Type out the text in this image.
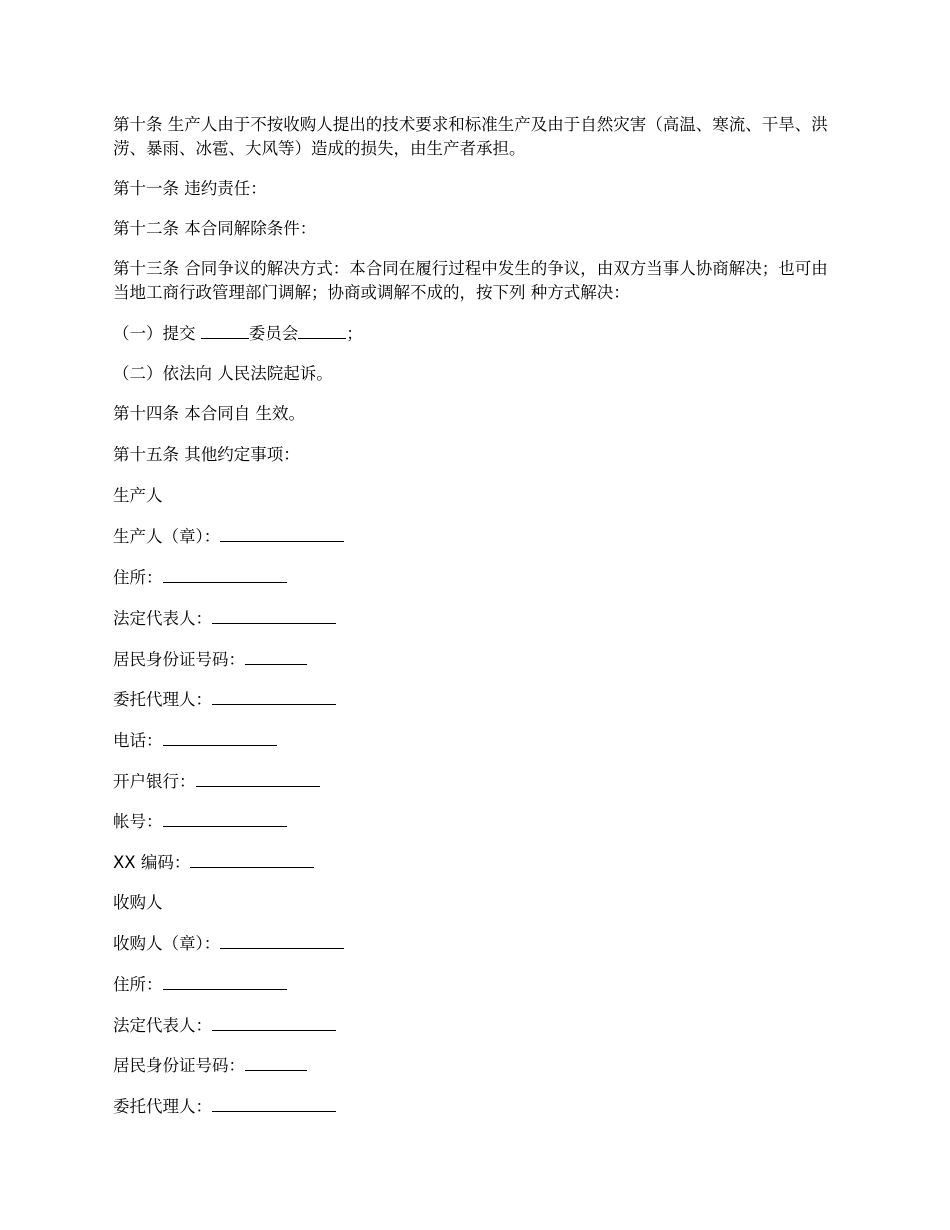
第十条 生产人由于不按收购人提出的技术要求和标准生产及由于自然灾害（高温、寒流、干旱、洪涝、暴雨、冰雹、大风等）造成的损失，由生产者承担。

第十一条 违约责任：

第十二条 本合同解除条件：

第十三条 合同争议的解决方式：本合同在履行过程中发生的争议，由双方当事人协商解决；也可由当地工商行政管理部门调解；协商或调解不成的，按下列 种方式解决：

（一）提交	委员会	；
（二）依法向 人民法院起诉。
第十四条 本合同自 生效。
第十五条 其他约定事项：
生产人
生产人（章）：
住所：
法定代表人：
居民身份证号码：
委托代理人：
电话：
开户银行：
帐号：
XX 编码：
收购人
收购人（章）：
住所：
法定代表人：
居民身份证号码：
委托代理人：
